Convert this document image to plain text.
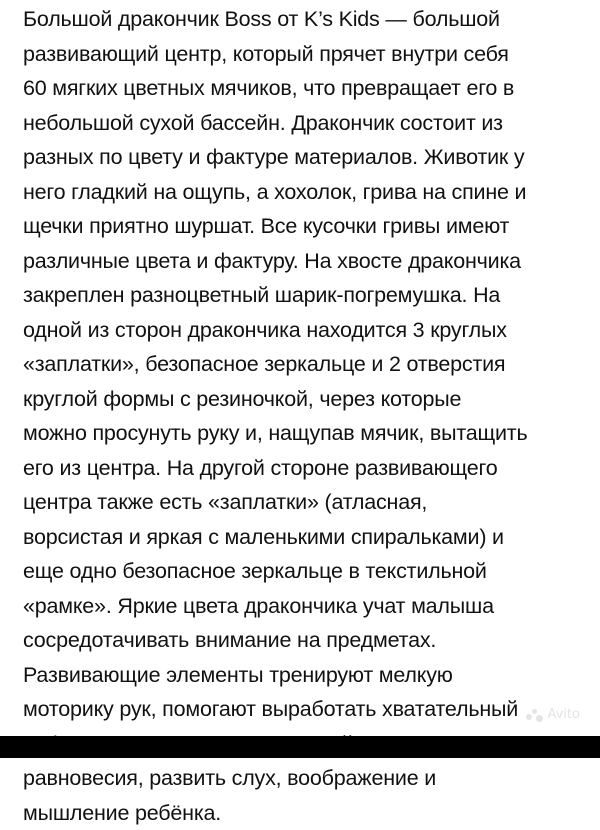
Большой дракончик Boss от K’s Kids — большой
развивающий центр, который прячет внутри себя
60 мягких цветных мячиков, что превращает его в
небольшой сухой бассейн. Дракончик состоит из
разных по цвету и фактуре материалов. Животик у
него гладкий на ощупь, а хохолок, грива на спине и
щечки приятно шуршат. Все кусочки гривы имеют
различные цвета и фактуру. На хвосте дракончика
закреплен разноцветный шарик-погремушка. На
одной из сторон дракончика находится 3 круглых
«заплатки», безопасное зеркальце и 2 отверстия
круглой формы с резиночкой, через которые
можно просунуть руку и, нащупав мячик, вытащить
его из центра. На другой стороне развивающего
центра также есть «заплатки» (атласная,
ворсистая и яркая с маленькими спиральками) и
еще одно безопасное зеркальце в текстильной
«рамке». Яркие цвета дракончика учат малыша
сосредотачивать внимание на предметах.
Развивающие элементы тренируют мелкую
моторику рук, помогают выработать хватательный
равновесия, развить слух, воображение и
мышление ребёнка.
Avito
